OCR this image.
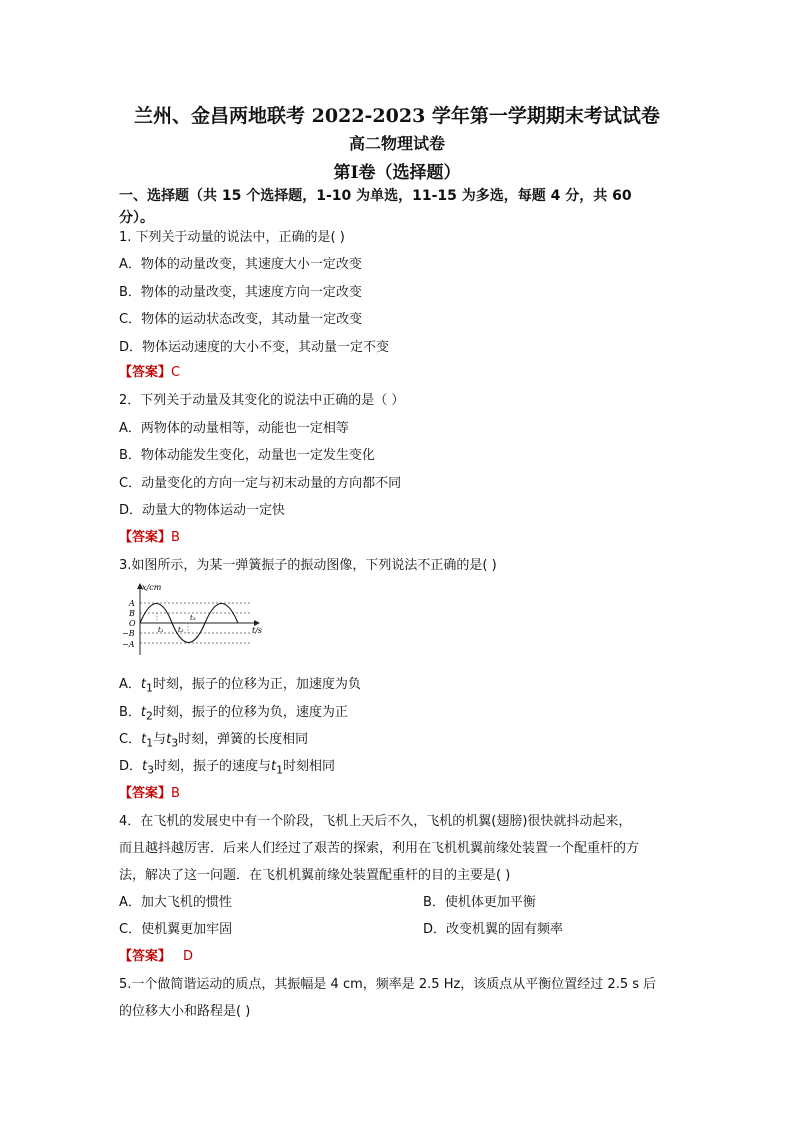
兰州、金昌两地联考 2022-2023 学年第一学期期末考试试卷
高二物理试卷
第Ⅰ卷（选择题）
一、选择题（共 15 个选择题，1-10 为单选，11-15 为多选，每题 4 分，共 60
分）。
1. 下列关于动量的说法中，正确的是( )
A．物体的动量改变，其速度大小一定改变
B．物体的动量改变，其速度方向一定改变
C．物体的运动状态改变，其动量一定改变
D．物体运动速度的大小不变，其动量一定不变
【答案】C
2．下列关于动量及其变化的说法中正确的是（ ）
A．两物体的动量相等，动能也一定相等
B．物体动能发生变化，动量也一定发生变化
C．动量变化的方向一定与初末动量的方向都不同
D．动量大的物体运动一定快
【答案】B
3.如图所示，为某一弹簧振子的振动图像，下列说法不正确的是( )
x/cm
t/s
A
B
O
−B
−A
t₁ t₂
t₃
A．$t_1$时刻，振子的位移为正，加速度为负
B．$t_2$时刻，振子的位移为负，速度为正
C．$t_1$与$t_3$时刻，弹簧的长度相同
D．$t_3$时刻，振子的速度与$t_1$时刻相同
【答案】B
4．在飞机的发展史中有一个阶段，飞机上天后不久，飞机的机翼(翅膀)很快就抖动起来，
而且越抖越厉害．后来人们经过了艰苦的探索，利用在飞机机翼前缘处装置一个配重杆的方
法，解决了这一问题．在飞机机翼前缘处装置配重杆的目的主要是( )
A．加大飞机的惯性	B．使机体更加平衡
C．使机翼更加牢固	D．改变机翼的固有频率
【答案】 D
5.一个做简谐运动的质点，其振幅是 4 cm，频率是 2.5 Hz，该质点从平衡位置经过 2.5 s 后
的位移大小和路程是( )
